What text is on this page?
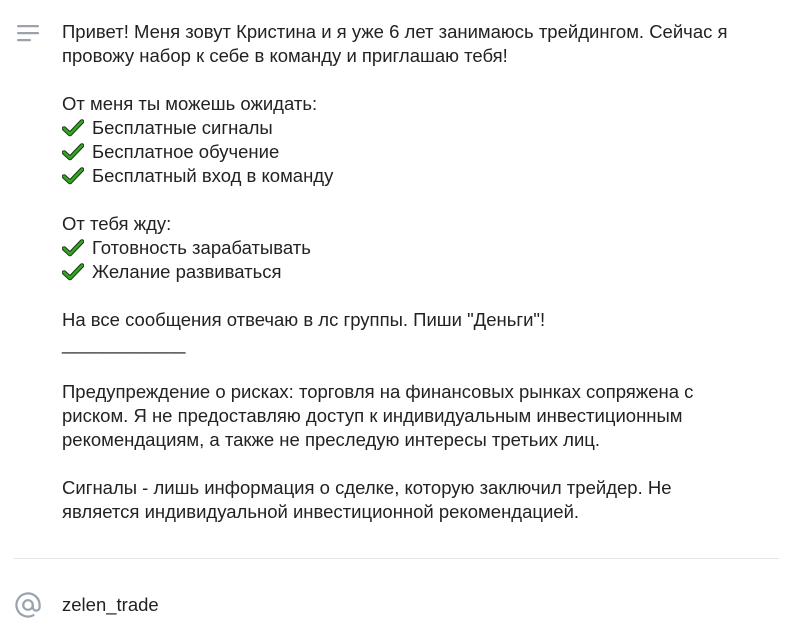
Привет! Меня зовут Кристина и я уже 6 лет занимаюсь трейдингом. Сейчас я

провожу набор к себе в команду и приглашаю тебя!

От меня ты можешь ожидать:

Бесплатные сигналы
Бесплатное обучение
Бесплатный вход в команду

От тебя жду:

Готовность зарабатывать
Желание развиваться

На все сообщения отвечаю в лс группы. Пиши "Деньги"!

____________

Предупреждение о рисках: торговля на финансовых рынках сопряжена с

риском. Я не предоставляю доступ к индивидуальным инвестиционным

рекомендациям, а также не преследую интересы третьих лиц.

Сигналы - лишь информация о сделке, которую заключил трейдер. Не

является индивидуальной инвестиционной рекомендацией.

zelen_trade
